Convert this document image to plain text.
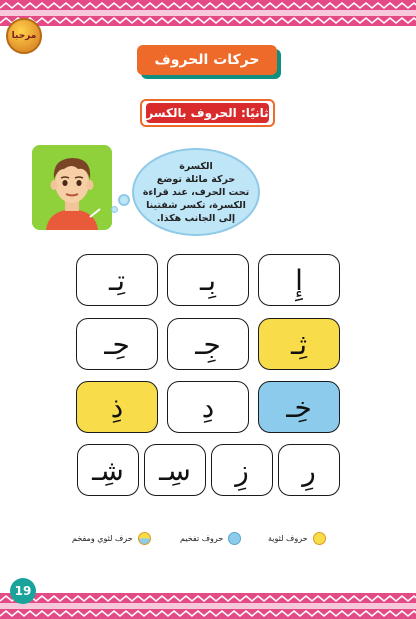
مرحبا
حركات الحروف
ثانيًا: الحروف بالكسر
الكسرة
حركة مائلة توضع
تحت الحرف، عند قراءة
الكسرة، تكسر شفتينا
إلى الجانب هكذا.
إِ
بِـ
تِـ
ثِـ
جِـ
حِـ
خِـ
دِ
ذِ
رِ
زِ
سِـ
شِـ
حروف لثوية
حروف تفخيم
حرف لثوي ومفخم
19
